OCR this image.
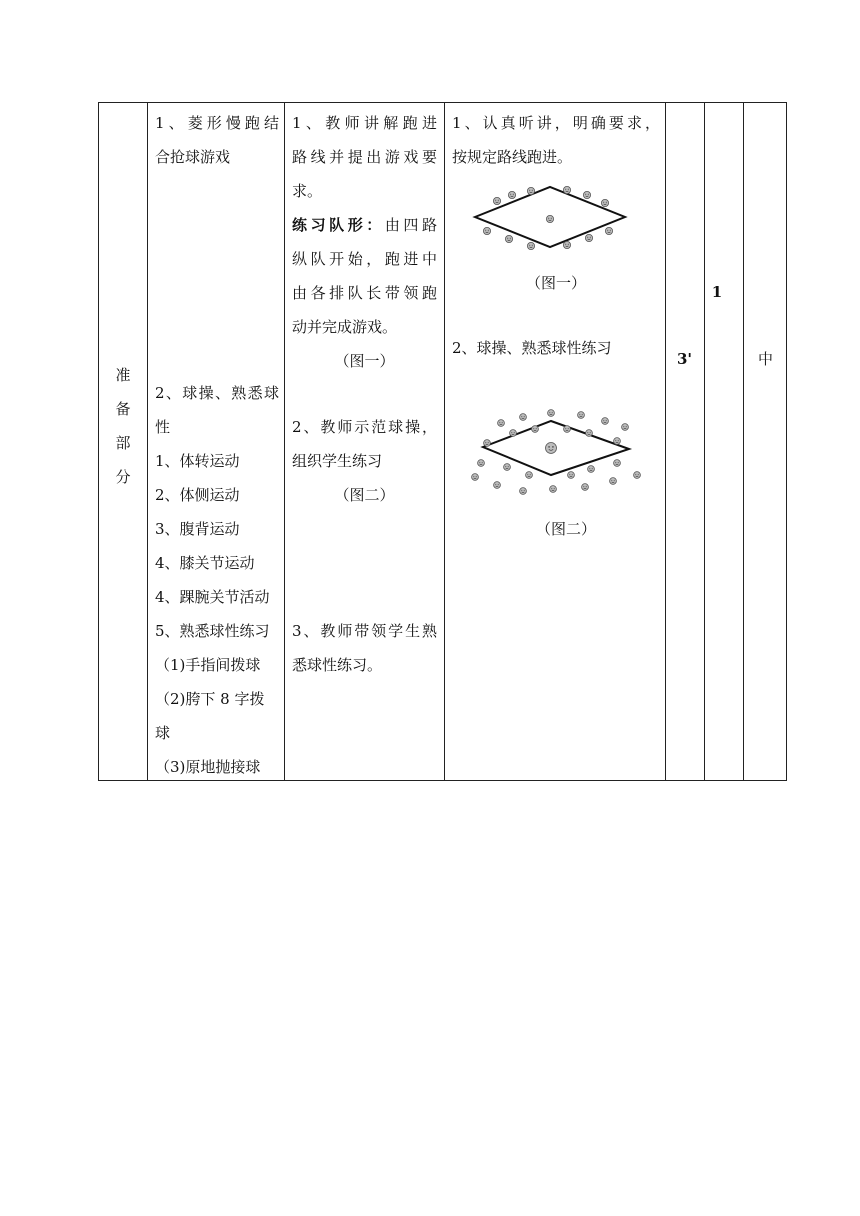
准
备
部
分
1、菱形慢跑结
合抢球游戏
2、球操、熟悉球
性
1、体转运动
2、体侧运动
3、腹背运动
4、膝关节运动
4、踝腕关节活动
5、熟悉球性练习
（1)手指间拨球
（2)胯下 8 字拨
球
（3)原地抛接球
1、教师讲解跑进
路线并提出游戏要
求。
练习队形：由四路
纵队开始，跑进中
由各排队长带领跑
动并完成游戏。
（图一）
2、教师示范球操，
组织学生练习
（图二）
3、教师带领学生熟
悉球性练习。
1、认真听讲，明确要求，
按规定路线跑进。
（图一）
2、球操、熟悉球性练习
（图二）
3'
1
中
